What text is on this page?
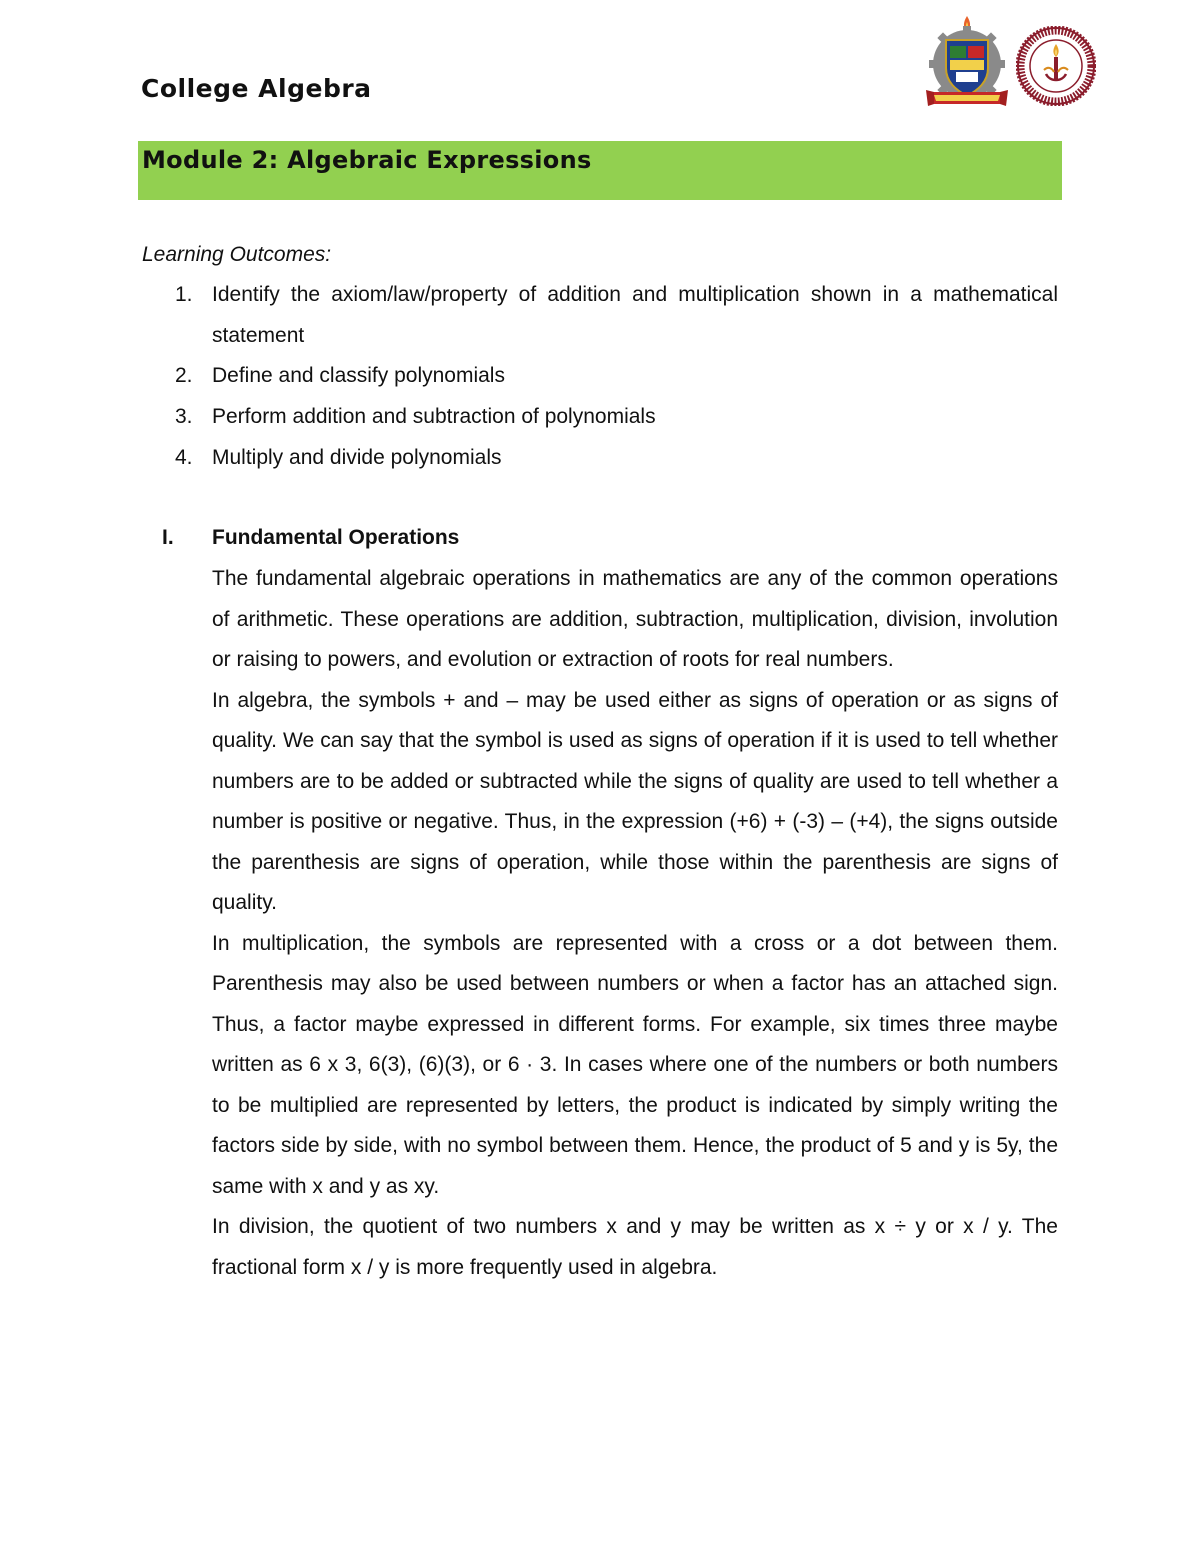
College Algebra
Module 2: Algebraic Expressions
Learning Outcomes:
1. Identify the axiom/law/property of addition and multiplication shown in a mathematical statement
2. Define and classify polynomials
3. Perform addition and subtraction of polynomials
4. Multiply and divide polynomials
I. Fundamental Operations

The fundamental algebraic operations in mathematics are any of the common operations of arithmetic. These operations are addition, subtraction, multiplication, division, involution or raising to powers, and evolution or extraction of roots for real numbers.

In algebra, the symbols + and – may be used either as signs of operation or as signs of quality. We can say that the symbol is used as signs of operation if it is used to tell whether numbers are to be added or subtracted while the signs of quality are used to tell whether a number is positive or negative. Thus, in the expression (+6) + (-3) – (+4), the signs outside the parenthesis are signs of operation, while those within the parenthesis are signs of quality.

In multiplication, the symbols are represented with a cross or a dot between them. Parenthesis may also be used between numbers or when a factor has an attached sign. Thus, a factor maybe expressed in different forms. For example, six times three maybe written as 6 x 3, 6(3), (6)(3), or 6 · 3. In cases where one of the numbers or both numbers to be multiplied are represented by letters, the product is indicated by simply writing the factors side by side, with no symbol between them. Hence, the product of 5 and y is 5y, the same with x and y as xy.

In division, the quotient of two numbers x and y may be written as x ÷ y or x / y. The fractional form x / y is more frequently used in algebra.
